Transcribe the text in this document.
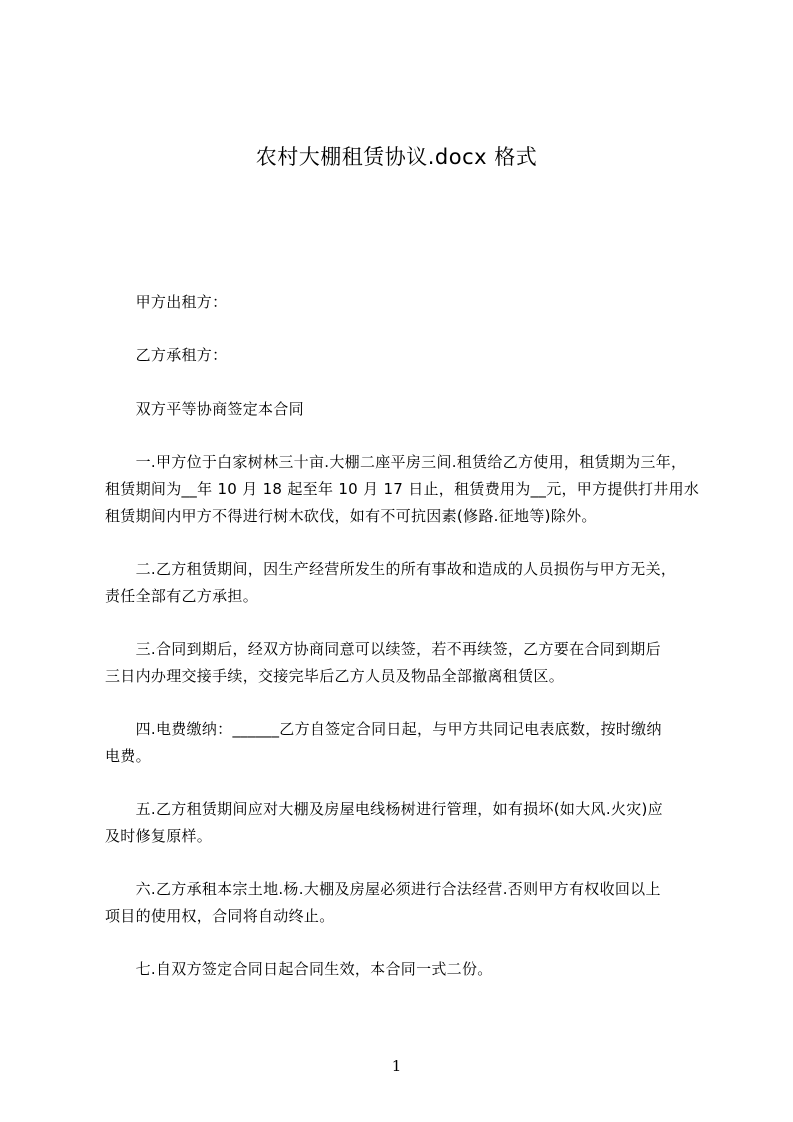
农村大棚租赁协议.docx 格式
　　甲方出租方：
　　乙方承租方：
　　双方平等协商签定本合同
　　一.甲方位于白家树林三十亩.大棚二座平房三间.租赁给乙方使用，租赁期为三年，
租赁期间为__年 10 月 18 起至年 10 月 17 日止，租赁费用为__元，甲方提供打井用水
租赁期间内甲方不得进行树木砍伐，如有不可抗因素(修路.征地等)除外。
　　二.乙方租赁期间，因生产经营所发生的所有事故和造成的人员损伤与甲方无关，
责任全部有乙方承担。
　　三.合同到期后，经双方协商同意可以续签，若不再续签，乙方要在合同到期后
三日内办理交接手续，交接完毕后乙方人员及物品全部撤离租赁区。
　　四.电费缴纳：______乙方自签定合同日起，与甲方共同记电表底数，按时缴纳
电费。
　　五.乙方租赁期间应对大棚及房屋电线杨树进行管理，如有损坏(如大风.火灾)应
及时修复原样。
　　六.乙方承租本宗土地.杨.大棚及房屋必须进行合法经营.否则甲方有权收回以上
项目的使用权，合同将自动终止。
　　七.自双方签定合同日起合同生效，本合同一式二份。
1
